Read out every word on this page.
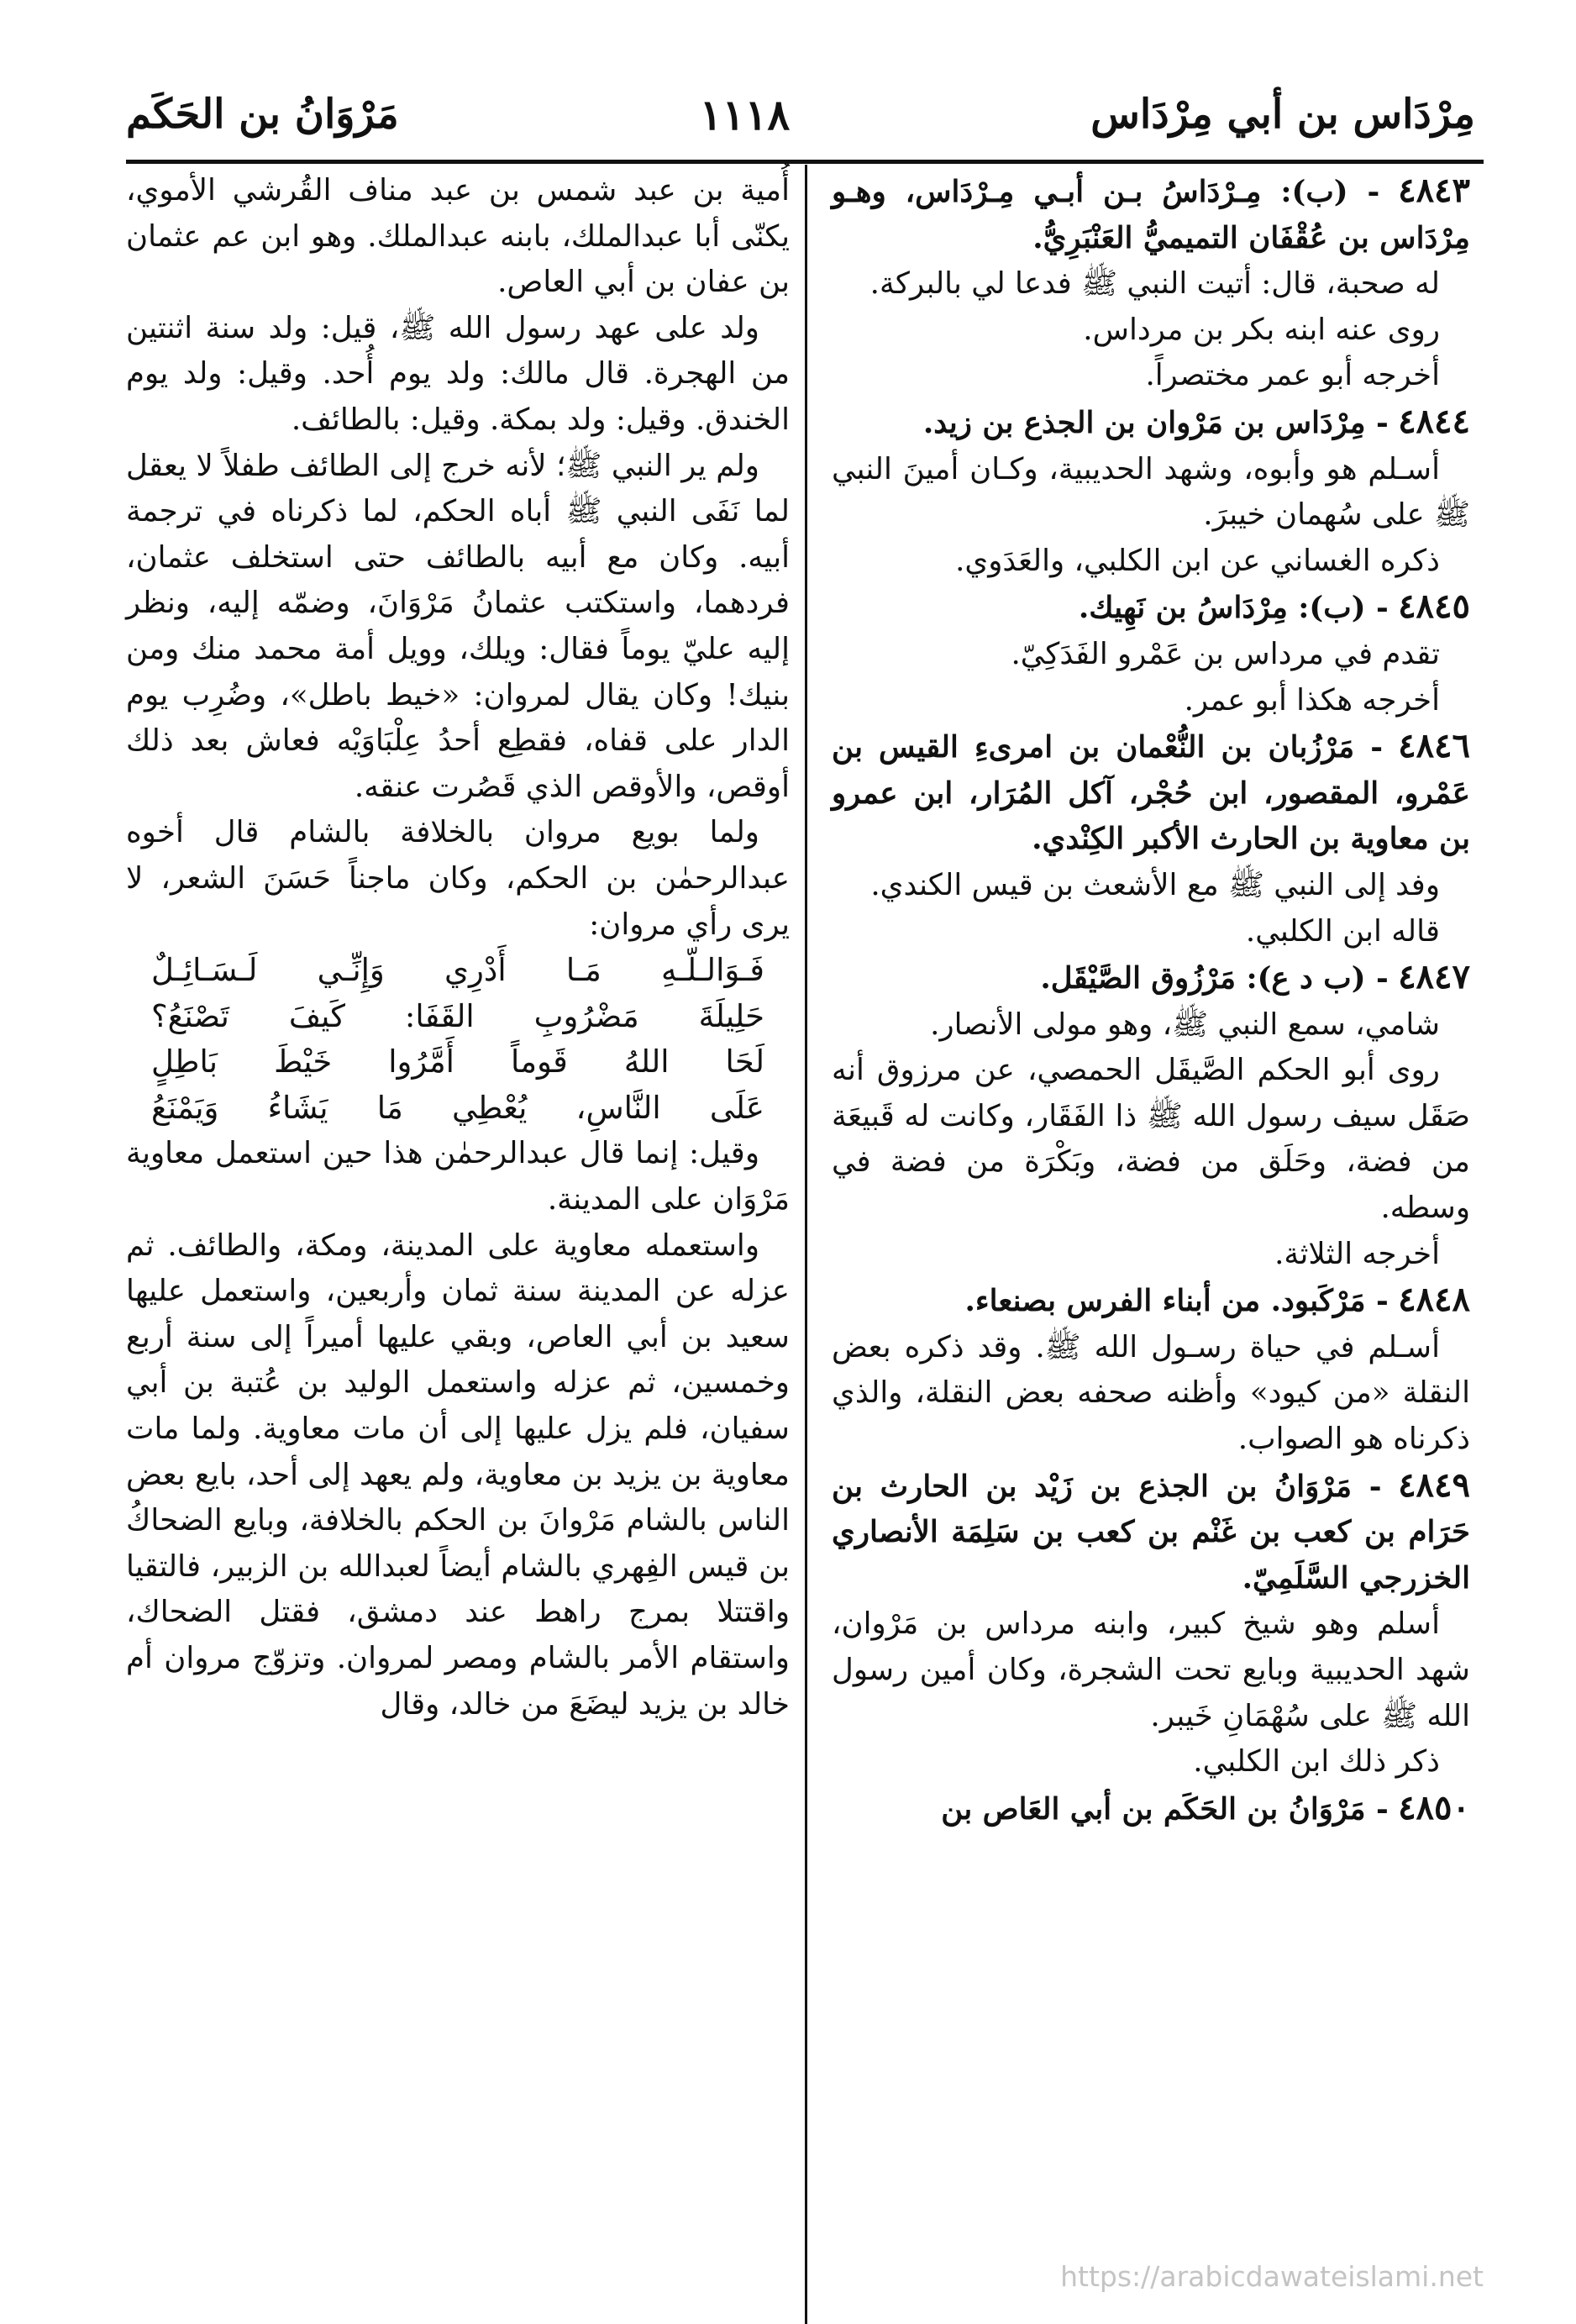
مِرْدَاس بن أبي مِرْدَاس
١١١٨
مَرْوَانُ بن الحَكَم

٤٨٤٣ - (ب): مِـرْدَاسُ بـن أبـي مِـرْدَاس، وهـو مِرْدَاس بن عُقْفَان التميميُّ العَنْبَرِيُّ.

له صحبة، قال: أتيت النبي ﷺ فدعا لي بالبركة.

روى عنه ابنه بكر بن مرداس.

أخرجه أبو عمر مختصراً.

٤٨٤٤ - مِرْدَاس بن مَرْوان بن الجذع بن زيد.

أسـلم هو وأبوه، وشهد الحديبية، وكـان أمينَ النبي ﷺ على سُهمان خيبرَ.

ذكره الغساني عن ابن الكلبي، والعَدَوي.

٤٨٤٥ - (ب): مِرْدَاسُ بن نَهِيك.

تقدم في مرداس بن عَمْرو الفَدَكِيّ.

أخرجه هكذا أبو عمر.

٤٨٤٦ - مَرْزُبان بن النُّعْمان بن امرىءِ القيس بن عَمْرو، المقصور، ابن حُجْر، آكل المُرَار، ابن عمرو بن معاوية بن الحارث الأكبر الكِنْدي.

وفد إلى النبي ﷺ مع الأشعث بن قيس الكندي.

قاله ابن الكلبي.

٤٨٤٧ - (ب د ع): مَرْزُوق الصَّيْقَل.

شامي، سمع النبي ﷺ، وهو مولى الأنصار.

روى أبو الحكم الصَّيقَل الحمصي، عن مرزوق أنه صَقَل سيف رسول الله ﷺ ذا الفَقَار، وكانت له قَبيعَة من فضة، وحَلَق من فضة، وبَكْرَة من فضة في وسطه.

أخرجه الثلاثة.

٤٨٤٨ - مَرْكَبود. من أبناء الفرس بصنعاء.

أسـلم في حياة رسـول الله ﷺ. وقد ذكره بعض النقلة «من كيود» وأظنه صحفه بعض النقلة، والذي ذكرناه هو الصواب.

٤٨٤٩ - مَرْوَانُ بن الجذع بن زَيْد بن الحارث بن حَرَام بن كعب بن غَنْم بن كعب بن سَلِمَة الأنصاري الخزرجي السَّلَمِيّ.

أسلم وهو شيخ كبير، وابنه مرداس بن مَرْوان، شهد الحديبية وبايع تحت الشجرة، وكان أمين رسول الله ﷺ على سُهْمَانِ خَيبر.

ذكر ذلك ابن الكلبي.

٤٨٥٠ - مَرْوَانُ بن الحَكَم بن أبي العَاص بن

أُمية بن عبد شمس بن عبد مناف القُرشي الأموي، يكنّى أبا عبدالملك، بابنه عبدالملك. وهو ابن عم عثمان بن عفان بن أبي العاص.

ولد على عهد رسول الله ﷺ، قيل: ولد سنة اثنتين من الهجرة. قال مالك: ولد يوم أُحد. وقيل: ولد يوم الخندق. وقيل: ولد بمكة. وقيل: بالطائف.

ولم ير النبي ﷺ؛ لأنه خرج إلى الطائف طفلاً لا يعقل لما نَفَى النبي ﷺ أباه الحكم، لما ذكرناه في ترجمة أبيه. وكان مع أبيه بالطائف حتى استخلف عثمان، فردهما، واستكتب عثمانُ مَرْوَانَ، وضمّه إليه، ونظر إليه عليّ يوماً فقال: ويلك، وويل أمة محمد منك ومن بنيك! وكان يقال لمروان: «خيط باطل»، وضُرِب يوم الدار على قفاه، فقطِع أحدُ عِلْبَاوَيْه فعاش بعد ذلك أوقص، والأوقص الذي قَصُرت عنقه.

ولما بويع مروان بالخلافة بالشام قال أخوه عبدالرحمٰن بن الحكم، وكان ماجناً حَسَنَ الشعر، لا يرى رأي مروان:

فَـوَالـلّـهِ مَـا أَدْرِي وَإِنِّـي لَـسَـائِـلٌ

حَلِيلَةَ مَضْرُوبِ القَفَا: كَيفَ تَصْنَعُ؟

لَحَا اللهُ قَوماً أَمَّرُوا خَيْطَ بَاطِلٍ

عَلَى النَّاسِ، يُعْطِي مَا يَشَاءُ وَيَمْنَعُ

وقيل: إنما قال عبدالرحمٰن هذا حين استعمل معاوية مَرْوَان على المدينة.

واستعمله معاوية على المدينة، ومكة، والطائف. ثم عزله عن المدينة سنة ثمان وأربعين، واستعمل عليها سعيد بن أبي العاص، وبقي عليها أميراً إلى سنة أربع وخمسين، ثم عزله واستعمل الوليد بن عُتبة بن أبي سفيان، فلم يزل عليها إلى أن مات معاوية. ولما مات معاوية بن يزيد بن معاوية، ولم يعهد إلى أحد، بايع بعض الناس بالشام مَرْوانَ بن الحكم بالخلافة، وبايع الضحاكُ بن قيس الفِهري بالشام أيضاً لعبدالله بن الزبير، فالتقيا واقتتلا بمرج راهط عند دمشق، فقتل الضحاك، واستقام الأمر بالشام ومصر لمروان. وتزوّج مروان أم خالد بن يزيد ليضَعَ من خالد، وقال

https://arabicdawateislami.net
